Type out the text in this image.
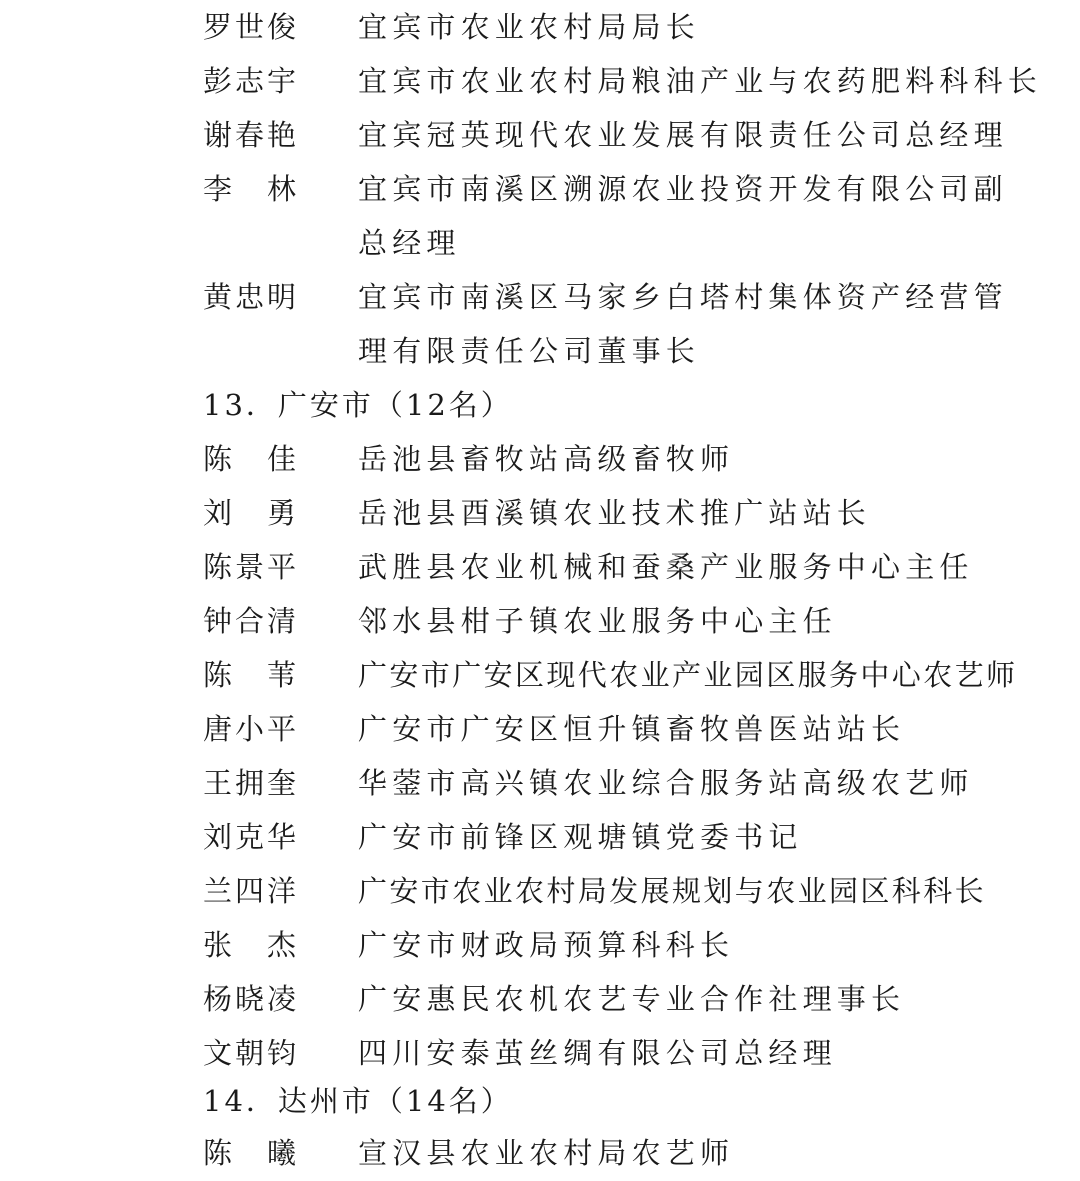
罗世俊 宜宾市农业农村局局长
彭志宇 宜宾市农业农村局粮油产业与农药肥料科科长
谢春艳 宜宾冠英现代农业发展有限责任公司总经理
李　林 宜宾市南溪区溯源农业投资开发有限公司副
总经理
黄忠明 宜宾市南溪区马家乡白塔村集体资产经营管
理有限责任公司董事长
13．广安市（12名）
陈　佳 岳池县畜牧站高级畜牧师
刘　勇 岳池县酉溪镇农业技术推广站站长
陈景平 武胜县农业机械和蚕桑产业服务中心主任
钟合清 邻水县柑子镇农业服务中心主任
陈　苇 广安市广安区现代农业产业园区服务中心农艺师
唐小平 广安市广安区恒升镇畜牧兽医站站长
王拥奎 华蓥市高兴镇农业综合服务站高级农艺师
刘克华 广安市前锋区观塘镇党委书记
兰四洋 广安市农业农村局发展规划与农业园区科科长
张　杰 广安市财政局预算科科长
杨晓凌 广安惠民农机农艺专业合作社理事长
文朝钧 四川安泰茧丝绸有限公司总经理
14．达州市（14名）
陈　曦 宣汉县农业农村局农艺师
